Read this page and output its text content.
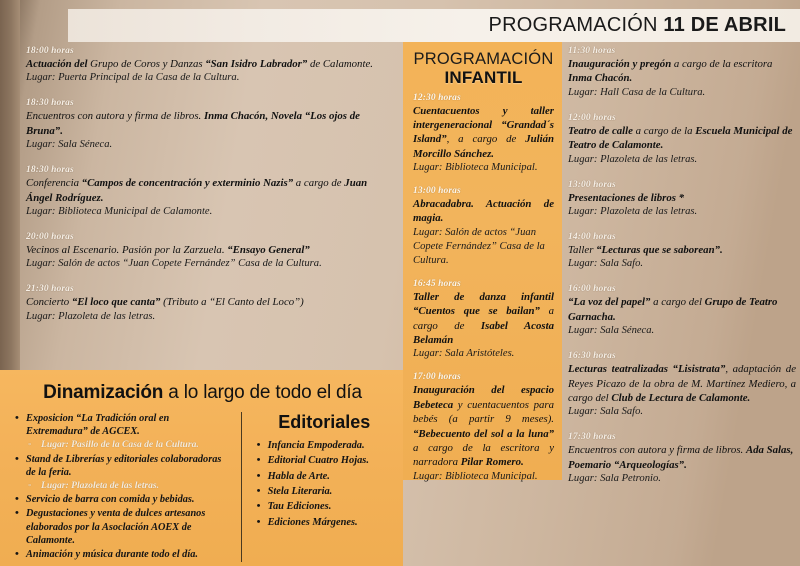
PROGRAMACIÓN 11 DE ABRIL
18:00 horas
Actuación del Grupo de Coros y Danzas “San Isidro Labrador” de Calamonte.
Lugar: Puerta Principal de la Casa de la Cultura.
18:30 horas
Encuentros con autora y firma de libros. Inma Chacón, Novela “Los ojos de Bruna”.
Lugar: Sala Séneca.
18:30 horas
Conferencia “Campos de concentración y exterminio Nazis” a cargo de Juan Ángel Rodríguez.
Lugar: Biblioteca Municipal de Calamonte.
20:00 horas
Vecinos al Escenario. Pasión por la Zarzuela. “Ensayo General”
Lugar: Salón de actos “Juan Copete Fernández” Casa de la Cultura.
21:30 horas
Concierto “El loco que canta” (Tributo a “El Canto del Loco”)
Lugar: Plazoleta de las letras.
PROGRAMACIÓN
INFANTIL
12:30 horas
Cuentacuentos y taller intergeneracional “Grandad´s Island”, a cargo de Julián Morcillo Sánchez.
Lugar: Biblioteca Municipal.
13:00 horas
Abracadabra. Actuación de magia.
Lugar: Salón de actos “Juan Copete Fernández” Casa de la Cultura.
16:45 horas
Taller de danza infantil “Cuentos que se bailan” a cargo de Isabel Acosta Belamán
Lugar: Sala Aristóteles.
17:00 horas
Inauguración del espacio Bebeteca y cuentacuentos para bebés (a partir 9 meses). “Bebecuento del sol a la luna” a cargo de la escritora y narradora Pilar Romero.
Lugar: Biblioteca Municipal.
11:30 horas
Inauguración y pregón a cargo de la escritora Inma Chacón.
Lugar: Hall Casa de la Cultura.
12:00 horas
Teatro de calle a cargo de la Escuela Municipal de Teatro de Calamonte.
Lugar: Plazoleta de las letras.
13:00 horas
Presentaciones de libros *
Lugar: Plazoleta de las letras.
14:00 horas
Taller “Lecturas que se saborean”.
Lugar: Sala Safo.
16:00 horas
“La voz del papel” a cargo del Grupo de Teatro Garnacha.
Lugar: Sala Séneca.
16:30 horas
Lecturas teatralizadas “Lisistrata”, adaptación de Reyes Picazo de la obra de M. Martínez Mediero, a cargo del Club de Lectura de Calamonte.
Lugar: Sala Safo.
17:30 horas
Encuentros con autora y firma de libros. Ada Salas, Poemario “Arqueologías”.
Lugar: Sala Petronio.
Dinamización a lo largo de todo el día
• Exposicion “La Tradición oral en Extremadura” de AGCEX.
◦ Lugar: Pasillo de la Casa de la Cultura.
• Stand de Librerías y editoriales colaboradoras de la feria.
◦ Lugar: Plazoleta de las letras.
• Servicio de barra con comida y bebidas.
• Degustaciones y venta de dulces artesanos elaborados por la Asoclación AOEX de Calamonte.
• Animación y música durante todo el día.
Editoriales
• Infancia Empoderada.
• Editorial Cuatro Hojas.
• Habla de Arte.
• Stela Literaria.
• Tau Ediciones.
• Ediciones Márgenes.
